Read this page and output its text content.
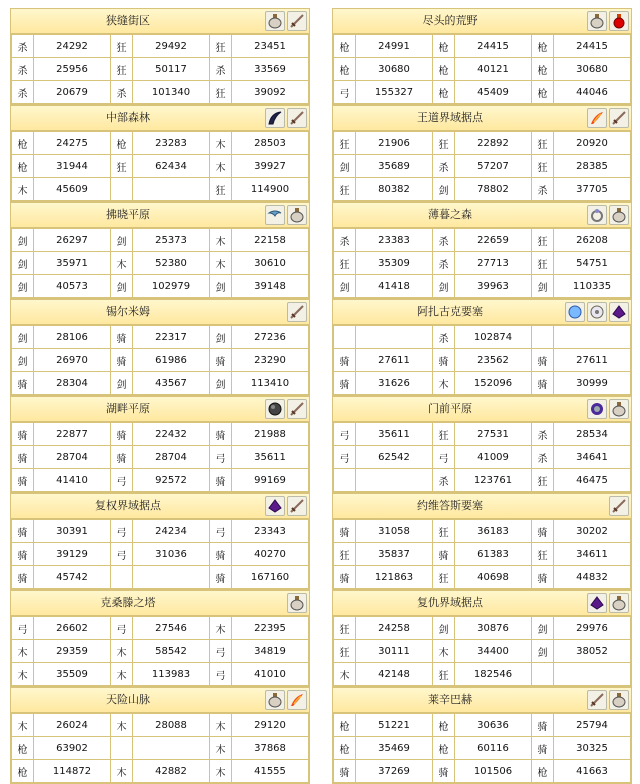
狭缝街区
杀	24292	狂	29492	狂	23451
杀	25956	狂	50117	杀	33569
杀	20679	杀	101340	狂	39092
尽头的荒野
枪	24991	枪	24415	枪	24415
枪	30680	枪	40121	枪	30680
弓	155327	枪	45409	枪	44046
中部森林
枪	24275	枪	23283	木	28503
枪	31944	狂	62434	木	39927
木	45609			狂	114900
王道界域据点
狂	21906	狂	22892	狂	20920
剑	35689	杀	57207	狂	28385
狂	80382	剑	78802	杀	37705
拂晓平原
剑	26297	剑	25373	木	22158
剑	35971	木	52380	木	30610
剑	40573	剑	102979	剑	39148
薄暮之森
杀	23383	杀	22659	狂	26208
狂	35309	杀	27713	狂	54751
剑	41418	剑	39963	剑	110335
锡尔米姆
剑	28106	骑	22317	剑	27236
剑	26970	骑	61986	骑	23290
骑	28304	剑	43567	剑	113410
阿扎古克要塞
		杀	102874		
骑	27611	骑	23562	骑	27611
骑	31626	木	152096	骑	30999
湖畔平原
骑	22877	骑	22432	骑	21988
骑	28704	骑	28704	弓	35611
骑	41410	弓	92572	骑	99169
门前平原
弓	35611	狂	27531	杀	28534
弓	62542	弓	41009	杀	34641
		杀	123761	狂	46475
复权界域据点
骑	30391	弓	24234	弓	23343
骑	39129	弓	31036	骑	40270
骑	45742			骑	167160
约维答斯要塞
骑	31058	狂	36183	骑	30202
狂	35837	骑	61383	狂	34611
骑	121863	狂	40698	骑	44832
克桑滕之塔
弓	26602	弓	27546	木	22395
木	29359	木	58542	弓	34819
木	35509	木	113983	弓	41010
复仇界域据点
狂	24258	剑	30876	剑	29976
狂	30111	木	34400	剑	38052
木	42148	狂	182546		
天险山脉
木	26024	木	28088	木	29120
枪	63902			木	37868
枪	114872	木	42882	木	41555
莱辛巴赫
枪	51221	枪	30636	骑	25794
枪	35469	枪	60116	骑	30325
骑	37269	骑	101506	枪	41663
